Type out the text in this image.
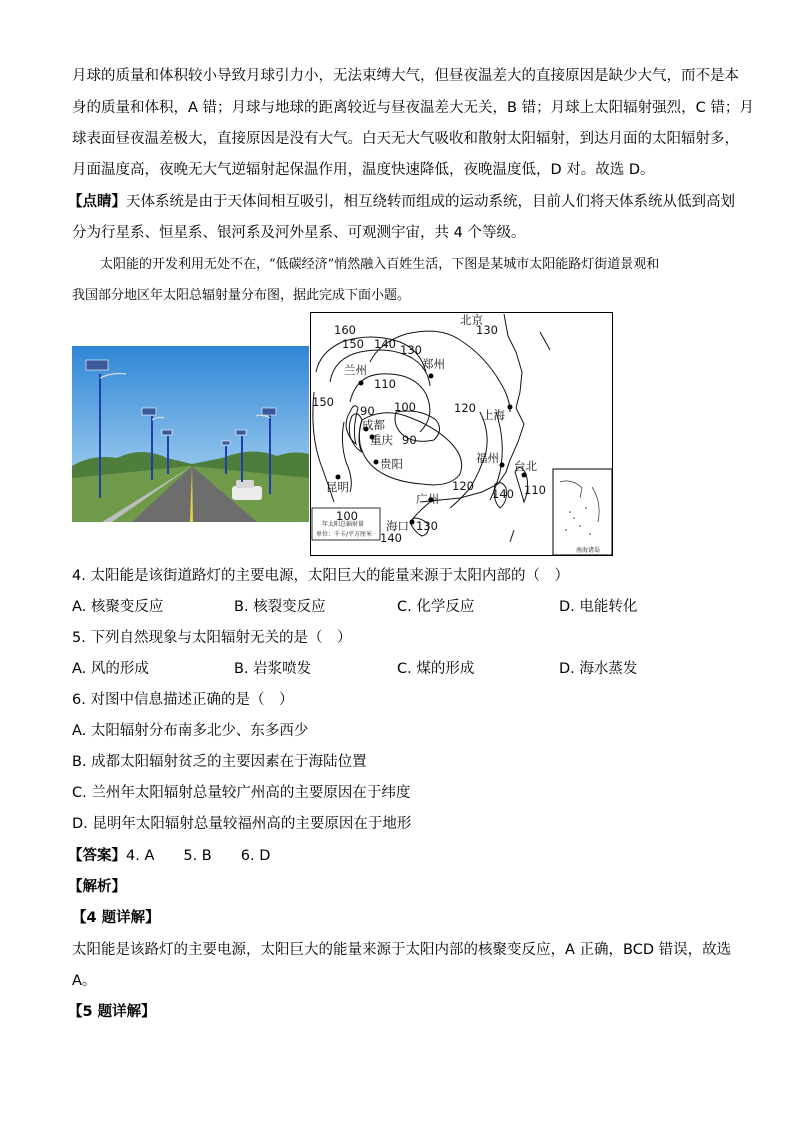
月球的质量和体积较小导致月球引力小，无法束缚大气，但昼夜温差大的直接原因是缺少大气，而不是本
身的质量和体积，A 错；月球与地球的距离较近与昼夜温差大无关，B 错；月球上太阳辐射强烈，C 错；月
球表面昼夜温差极大，直接原因是没有大气。白天无大气吸收和散射太阳辐射，到达月面的太阳辐射多，
月面温度高，夜晚无大气逆辐射起保温作用，温度快速降低，夜晚温度低，D 对。故选 D。
【点睛】天体系统是由于天体间相互吸引，相互绕转而组成的运动系统，目前人们将天体系统从低到高划
分为行星系、恒星系、银河系及河外星系、可观测宇宙，共 4 个等级。
太阳能的开发利用无处不在，“低碳经济”悄然融入百姓生活，下图是某城市太阳能路灯街道景观和
我国部分地区年太阳总辐射量分布图，据此完成下面小题。
南海诸岛
年太阳总辐射量
单位：千卡/平方厘米
北京
兰州	郑州
上海
成都
重庆
贵阳	福州
台北
昆明
广州
海口
160
150 140 130
130
110
150
90 100	120
90
120
140 110
100
130
140
4. 太阳能是该街道路灯的主要电源，太阳巨大的能量来源于太阳内部的（　）
A. 核聚变反应	B. 核裂变反应	C. 化学反应	D. 电能转化
5. 下列自然现象与太阳辐射无关的是（　）
A. 风的形成	B. 岩浆喷发	C. 煤的形成	D. 海水蒸发
6. 对图中信息描述正确的是（　）
A. 太阳辐射分布南多北少、东多西少
B. 成都太阳辐射贫乏的主要因素在于海陆位置
C. 兰州年太阳辐射总量较广州高的主要原因在于纬度
D. 昆明年太阳辐射总量较福州高的主要原因在于地形
【答案】4. A　　5. B　　6. D
【解析】
【4 题详解】
太阳能是该路灯的主要电源，太阳巨大的能量来源于太阳内部的核聚变反应，A 正确，BCD 错误，故选
A。
【5 题详解】
